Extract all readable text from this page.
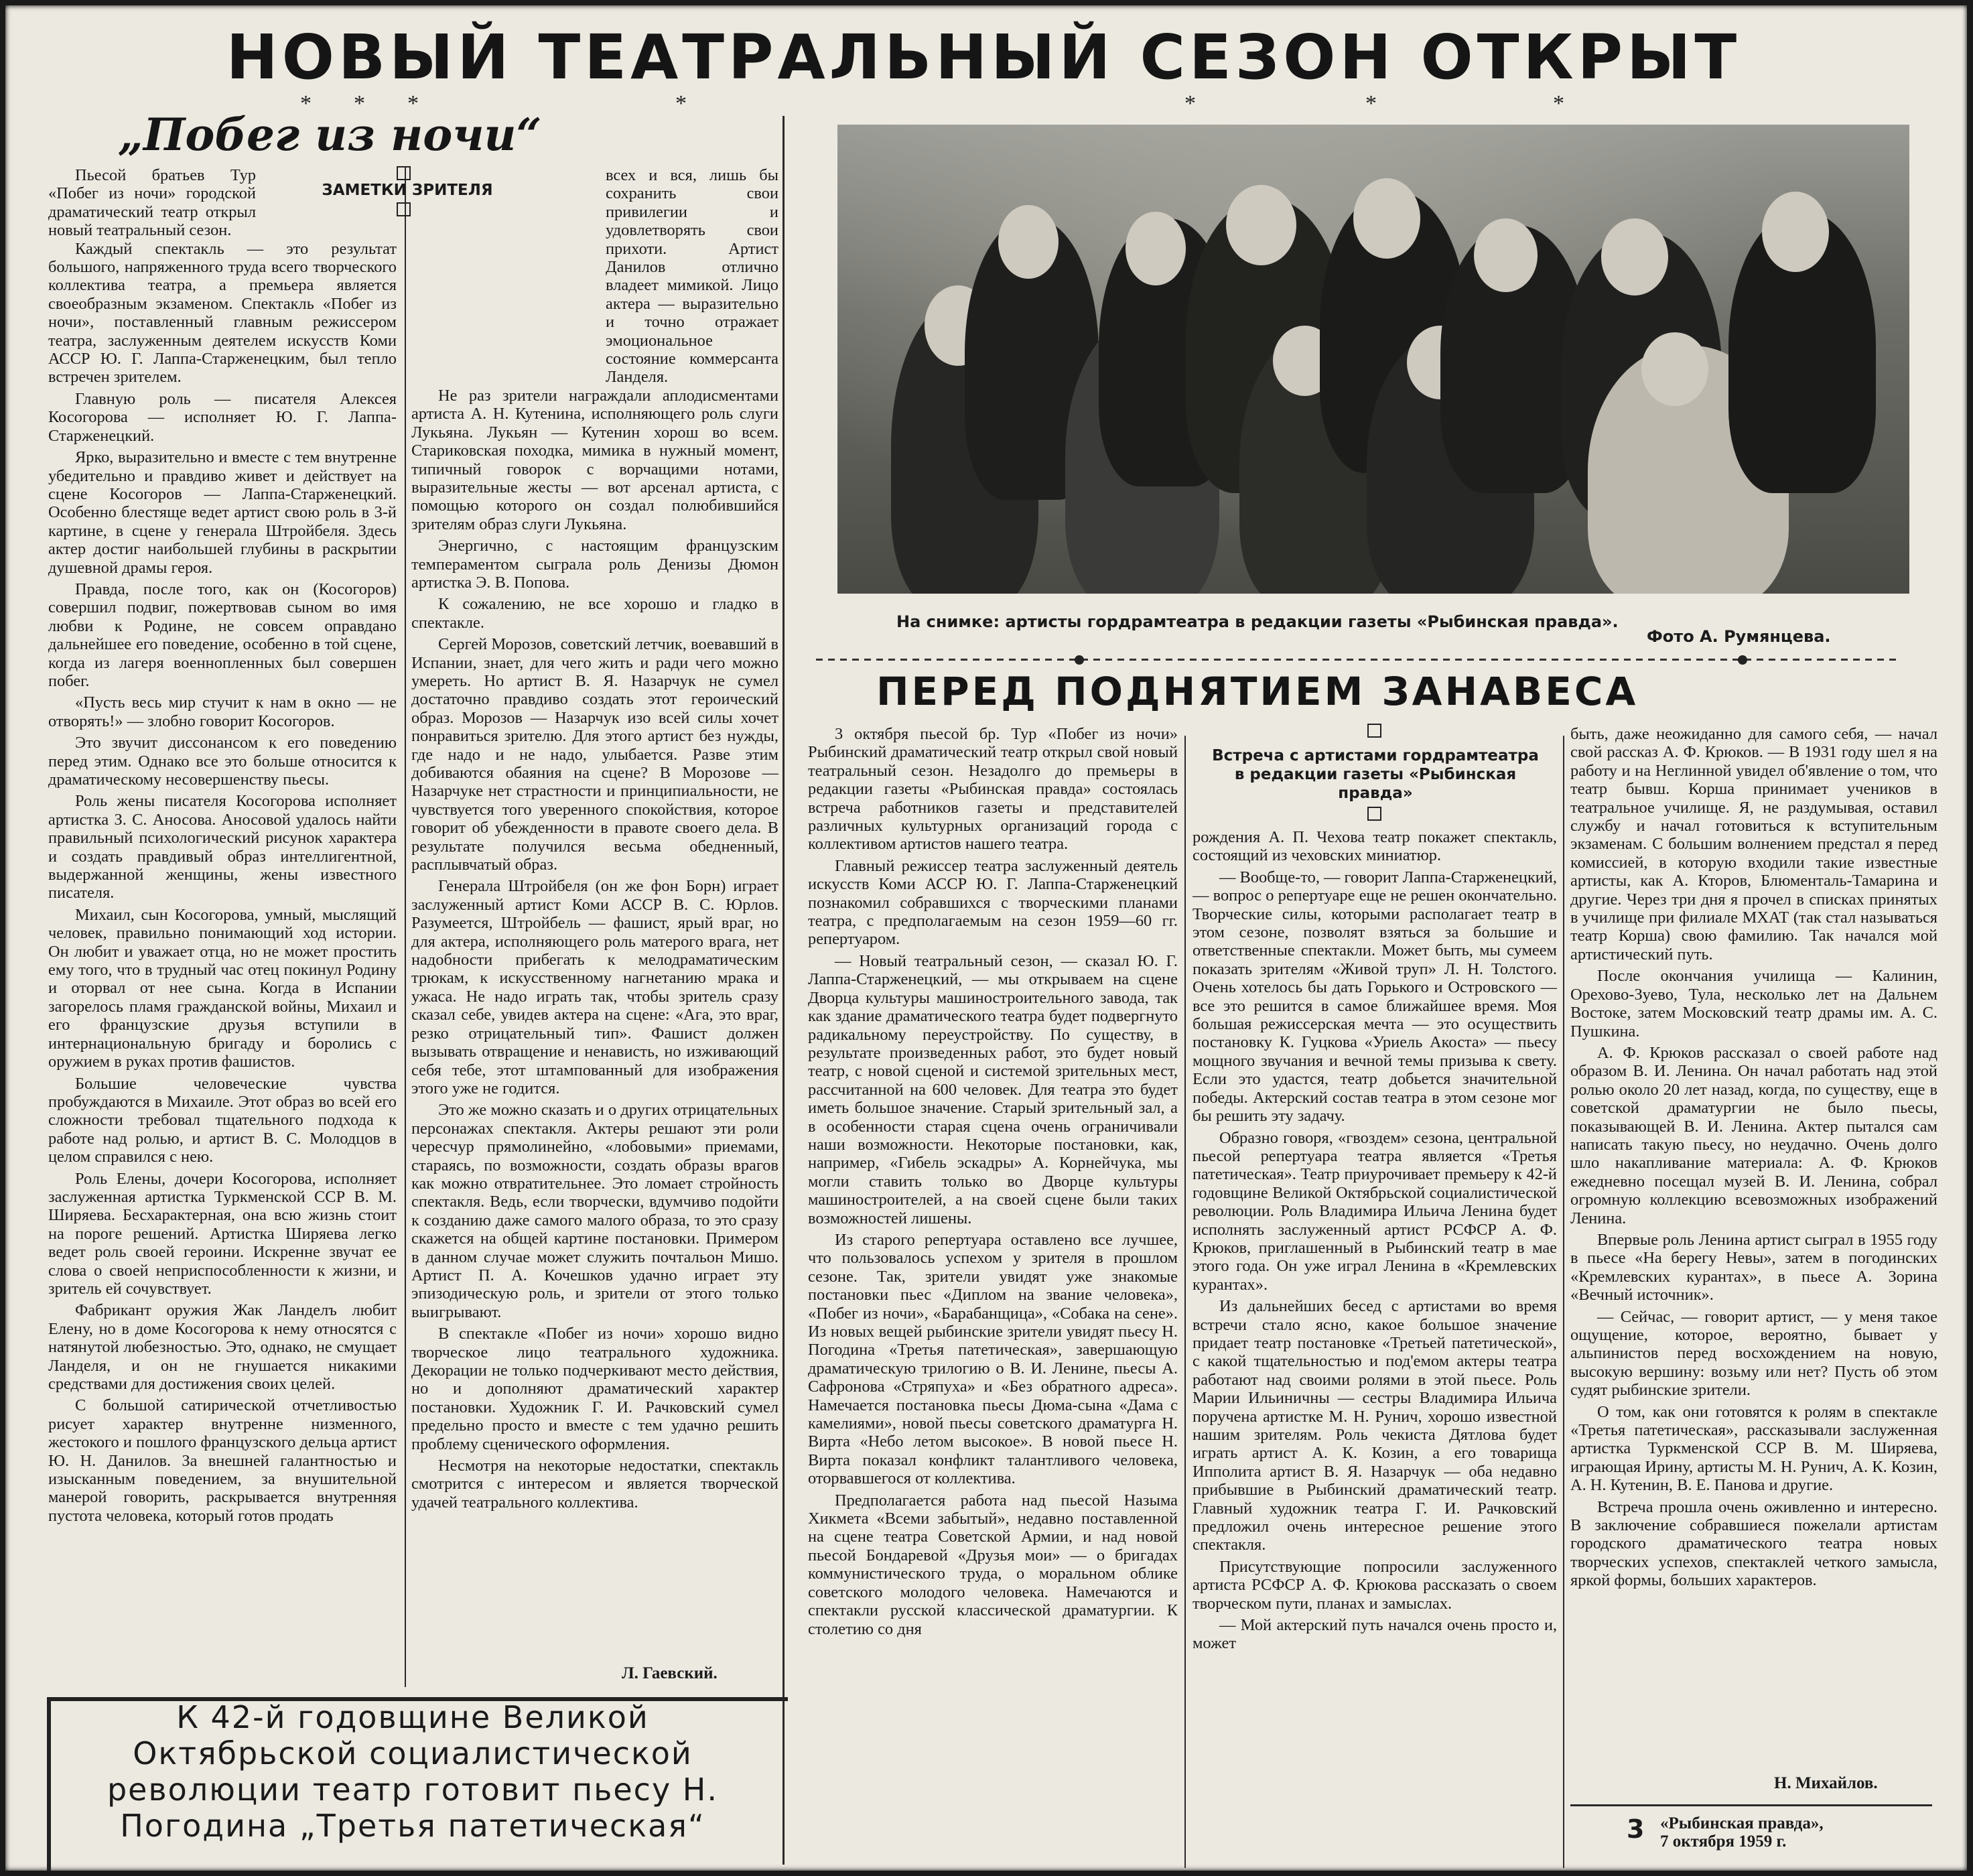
НОВЫЙ ТЕАТРАЛЬНЫЙ СЕЗОН ОТКРЫТ
* * *	*	*	*	*
„Побег из ночи“
ЗАМЕТКИ ЗРИТЕЛЯ

Пьесой братьев Тур «Побег из ночи» городской драматический театр открыл новый театральный сезон.

Каждый спектакль — это результат большого, напряженного труда всего творческого коллектива театра, а премьера является своеобразным экзаменом. Спектакль «Побег из ночи», поставленный главным режиссером театра, заслуженным деятелем искусств Коми АССР Ю. Г. Лаппа-Старженецким, был тепло встречен зрителем.

Главную роль — писателя Алексея Косогорова — исполняет Ю. Г. Лаппа-Старженецкий.

Ярко, выразительно и вместе с тем внутренне убедительно и правдиво живет и действует на сцене Косогоров — Лаппа-Старженецкий. Особенно блестяще ведет артист свою роль в 3-й картине, в сцене у генерала Штройбеля. Здесь актер достиг наибольшей глубины в раскрытии душевной драмы героя.

Правда, после того, как он (Косогоров) совершил подвиг, пожертвовав сыном во имя любви к Родине, не совсем оправдано дальнейшее его поведение, особенно в той сцене, когда из лагеря военнопленных был совершен побег.

«Пусть весь мир стучит к нам в окно — не отворять!» — злобно говорит Косогоров.

Это звучит диссонансом к его поведению перед этим. Однако все это больше относится к драматическому несовершенству пьесы.

Роль жены писателя Косогорова исполняет артистка З. С. Аносова. Аносовой удалось найти правильный психологический рисунок характера и создать правдивый образ интеллигентной, выдержанной женщины, жены известного писателя.

Михаил, сын Косогорова, умный, мыслящий человек, правильно понимающий ход истории. Он любит и уважает отца, но не может простить ему того, что в трудный час отец покинул Родину и оторвал от нее сына. Когда в Испании загорелось пламя гражданской войны, Михаил и его французские друзья вступили в интернациональную бригаду и боролись с оружием в руках против фашистов.

Большие человеческие чувства пробуждаются в Михаиле. Этот образ во всей его сложности требовал тщательного подхода к работе над ролью, и артист В. С. Молодцов в целом справился с нею.

Роль Елены, дочери Косогорова, исполняет заслуженная артистка Туркменской ССР В. М. Ширяева. Бесхарактерная, она всю жизнь стоит на пороге решений. Артистка Ширяева легко ведет роль своей героини. Искренне звучат ее слова о своей неприспособленности к жизни, и зритель ей сочувствует.

Фабрикант оружия Жак Ланделъ любит Елену, но в доме Косогорова к нему относятся с натянутой любезностью. Это, однако, не смущает Ланделя, и он не гнушается никакими средствами для достижения своих целей.

С большой сатирической отчетливостью рисует характер внутренне низменного, жестокого и пошлого французского дельца артист Ю. Н. Данилов. За внешней галантностью и изысканным поведением, за внушительной манерой говорить, раскрывается внутренняя пустота человека, который готов продать

всех и вся, лишь бы сохранить свои привилегии и удовлетворять свои прихоти. Артист Данилов отлично владеет мимикой. Лицо актера — выразительно и точно отражает эмоциональное состояние коммерсанта Ланделя.

Не раз зрители награждали аплодисментами артиста А. Н. Кутенина, исполняющего роль слуги Лукьяна. Лукьян — Кутенин хорош во всем. Стариковская походка, мимика в нужный момент, типичный говорок с ворчащими нотами, выразительные жесты — вот арсенал артиста, с помощью которого он создал полюбившийся зрителям образ слуги Лукьяна.

Энергично, с настоящим французским темпераментом сыграла роль Денизы Дюмон артистка Э. В. Попова.

К сожалению, не все хорошо и гладко в спектакле.

Сергей Морозов, советский летчик, воевавший в Испании, знает, для чего жить и ради чего можно умереть. Но артист В. Я. Назарчук не сумел достаточно правдиво создать этот героический образ. Морозов — Назарчук изо всей силы хочет понравиться зрителю. Для этого артист без нужды, где надо и не надо, улыбается. Разве этим добиваются обаяния на сцене? В Морозове — Назарчуке нет страстности и принципиальности, не чувствуется того уверенного спокойствия, которое говорит об убежденности в правоте своего дела. В результате получился весьма обедненный, расплывчатый образ.

Генерала Штройбеля (он же фон Борн) играет заслуженный артист Коми АССР В. С. Юрлов. Разумеется, Штройбель — фашист, ярый враг, но для актера, исполняющего роль матерого врага, нет надобности прибегать к мелодраматическим трюкам, к искусственному нагнетанию мрака и ужаса. Не надо играть так, чтобы зритель сразу сказал себе, увидев актера на сцене: «Ага, это враг, резко отрицательный тип». Фашист должен вызывать отвращение и ненависть, но изживающий себя тебе, этот штампованный для изображения этого уже не годится.

Это же можно сказать и о других отрицательных персонажах спектакля. Актеры решают эти роли чересчур прямолинейно, «лобовыми» приемами, стараясь, по возможности, создать образы врагов как можно отвратительнее. Это ломает стройность спектакля. Ведь, если творчески, вдумчиво подойти к созданию даже самого малого образа, то это сразу скажется на общей картине постановки. Примером в данном случае может служить почтальон Мишо. Артист П. А. Кочешков удачно играет эту эпизодическую роль, и зрители от этого только выигрывают.

В спектакле «Побег из ночи» хорошо видно творческое лицо театрального художника. Декорации не только подчеркивают место действия, но и дополняют драматический характер постановки. Художник Г. И. Рачковский сумел предельно просто и вместе с тем удачно решить проблему сценического оформления.

Несмотря на некоторые недостатки, спектакль смотрится с интересом и является творческой удачей театрального коллектива.

Л. Гаевский.
На снимке: артисты гордрамтеатра в редакции газеты «Рыбинская правда».
Фото А. Румянцева.
ПЕРЕД ПОДНЯТИЕМ ЗАНАВЕСА
Встреча с артистами гордрамтеатра в редакции газеты «Рыбинская правда»

3 октября пьесой бр. Тур «Побег из ночи» Рыбинский драматический театр открыл свой новый театральный сезон. Незадолго до премьеры в редакции газеты «Рыбинская правда» состоялась встреча работников газеты и представителей различных культурных организаций города с коллективом артистов нашего театра.

Главный режиссер театра заслуженный деятель искусств Коми АССР Ю. Г. Лаппа-Старженецкий познакомил собравшихся с творческими планами театра, с предполагаемым на сезон 1959—60 гг. репертуаром.

— Новый театральный сезон, — сказал Ю. Г. Лаппа-Старженецкий, — мы открываем на сцене Дворца культуры машиностроительного завода, так как здание драматического театра будет подвергнуто радикальному переустройству. По существу, в результате произведенных работ, это будет новый театр, с новой сценой и системой зрительных мест, рассчитанной на 600 человек. Для театра это будет иметь большое значение. Старый зрительный зал, а в особенности старая сцена очень ограничивали наши возможности. Некоторые постановки, как, например, «Гибель эскадры» А. Корнейчука, мы могли ставить только во Дворце культуры машиностроителей, а на своей сцене были таких возможностей лишены.

Из старого репертуара оставлено все лучшее, что пользовалось успехом у зрителя в прошлом сезоне. Так, зрители увидят уже знакомые постановки пьес «Диплом на звание человека», «Побег из ночи», «Барабанщица», «Собака на сене». Из новых вещей рыбинские зрители увидят пьесу Н. Погодина «Третья патетическая», завершающую драматическую трилогию о В. И. Ленине, пьесы А. Сафронова «Стряпуха» и «Без обратного адреса». Намечается постановка пьесы Дюма-сына «Дама с камелиями», новой пьесы советского драматурга Н. Вирта «Небо летом высокое». В новой пьесе Н. Вирта показал конфликт талантливого человека, оторвавшегося от коллектива.

Предполагается работа над пьесой Назыма Хикмета «Всеми забытый», недавно поставленной на сцене театра Советской Армии, и над новой пьесой Бондаревой «Друзья мои» — о бригадах коммунистического труда, о моральном облике советского молодого человека. Намечаются и спектакли русской классической драматургии. К столетию со дня

рождения А. П. Чехова театр покажет спектакль, состоящий из чеховских миниатюр.

— Вообще-то, — говорит Лаппа-Старженецкий, — вопрос о репертуаре еще не решен окончательно. Творческие силы, которыми располагает театр в этом сезоне, позволят взяться за большие и ответственные спектакли. Может быть, мы сумеем показать зрителям «Живой труп» Л. Н. Толстого. Очень хотелось бы дать Горького и Островского — все это решится в самое ближайшее время. Моя большая режиссерская мечта — это осуществить постановку К. Гуцкова «Уриель Акоста» — пьесу мощного звучания и вечной темы призыва к свету. Если это удастся, театр добьется значительной победы. Актерский состав театра в этом сезоне мог бы решить эту задачу.

Образно говоря, «гвоздем» сезона, центральной пьесой репертуара театра является «Третья патетическая». Театр приурочивает премьеру к 42-й годовщине Великой Октябрьской социалистической революции. Роль Владимира Ильича Ленина будет исполнять заслуженный артист РСФСР А. Ф. Крюков, приглашенный в Рыбинский театр в мае этого года. Он уже играл Ленина в «Кремлевских курантах».

Из дальнейших бесед с артистами во время встречи стало ясно, какое большое значение придает театр постановке «Третьей патетической», с какой тщательностью и под'емом актеры театра работают над своими ролями в этой пьесе. Роль Марии Ильиничны — сестры Владимира Ильича поручена артистке М. Н. Рунич, хорошо известной нашим зрителям. Роль чекиста Дятлова будет играть артист А. К. Козин, а его товарища Ипполита артист В. Я. Назарчук — оба недавно прибывшие в Рыбинский драматический театр. Главный художник театра Г. И. Рачковский предложил очень интересное решение этого спектакля.

Присутствующие попросили заслуженного артиста РСФСР А. Ф. Крюкова рассказать о своем творческом пути, планах и замыслах.

— Мой актерский путь начался очень просто и, может

быть, даже неожиданно для самого себя, — начал свой рассказ А. Ф. Крюков. — В 1931 году шел я на работу и на Неглинной увидел об'явление о том, что театр бывш. Корша принимает учеников в театральное училище. Я, не раздумывая, оставил службу и начал готовиться к вступительным экзаменам. С большим волнением предстал я перед комиссией, в которую входили такие известные артисты, как А. Кторов, Блюменталь-Тамарина и другие. Через три дня я прочел в списках принятых в училище при филиале МХАТ (так стал называться театр Корша) свою фамилию. Так начался мой артистический путь.

После окончания училища — Калинин, Орехово-Зуево, Тула, несколько лет на Дальнем Востоке, затем Московский театр драмы им. А. С. Пушкина.

А. Ф. Крюков рассказал о своей работе над образом В. И. Ленина. Он начал работать над этой ролью около 20 лет назад, когда, по существу, еще в советской драматургии не было пьесы, показывающей В. И. Ленина. Актер пытался сам написать такую пьесу, но неудачно. Очень долго шло накапливание материала: А. Ф. Крюков ежедневно посещал музей В. И. Ленина, собрал огромную коллекцию всевозможных изображений Ленина.

Впервые роль Ленина артист сыграл в 1955 году в пьесе «На берегу Невы», затем в погодинских «Кремлевских курантах», в пьесе А. Зорина «Вечный источник».

— Сейчас, — говорит артист, — у меня такое ощущение, которое, вероятно, бывает у альпинистов перед восхождением на новую, высокую вершину: возьму или нет? Пусть об этом судят рыбинские зрители.

О том, как они готовятся к ролям в спектакле «Третья патетическая», рассказывали заслуженная артистка Туркменской ССР В. М. Ширяева, играющая Ирину, артисты М. Н. Рунич, А. К. Козин, А. Н. Кутенин, В. Е. Панова и другие.

Встреча прошла очень оживленно и интересно. В заключение собравшиеся пожелали артистам городского драматического театра новых творческих успехов, спектаклей четкого замысла, яркой формы, больших характеров.

Н. Михайлов.
К 42-й годовщине Великой Октябрьской социалистической революции театр готовит пьесу Н. Погодина „Третья патетическая“	3 «Рыбинская правда»,
7 октября 1959 г.
